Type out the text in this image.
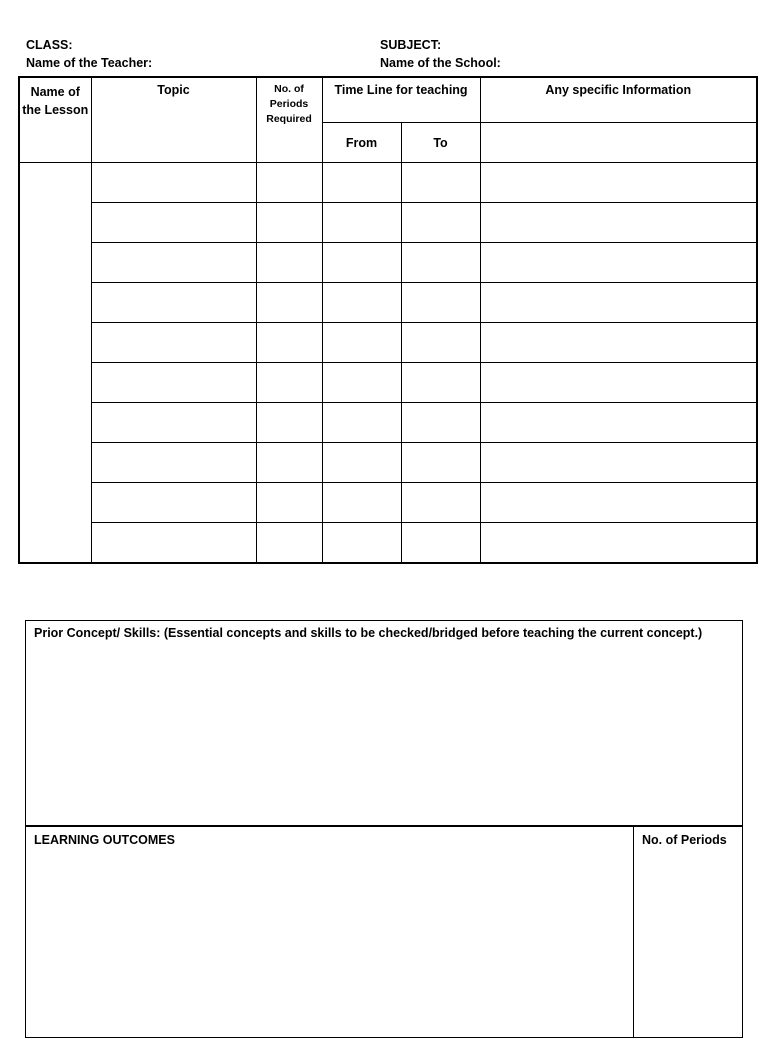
CLASS:
Name of the Teacher:
SUBJECT:
Name of the School:
Name of the Lesson	Topic	No. of Periods Required	Time Line for teaching		Any specific Information
			From	To	

Prior Concept/ Skills: (Essential concepts and skills to be checked/bridged before teaching the current concept.)
LEARNING OUTCOMES	No. of Periods
